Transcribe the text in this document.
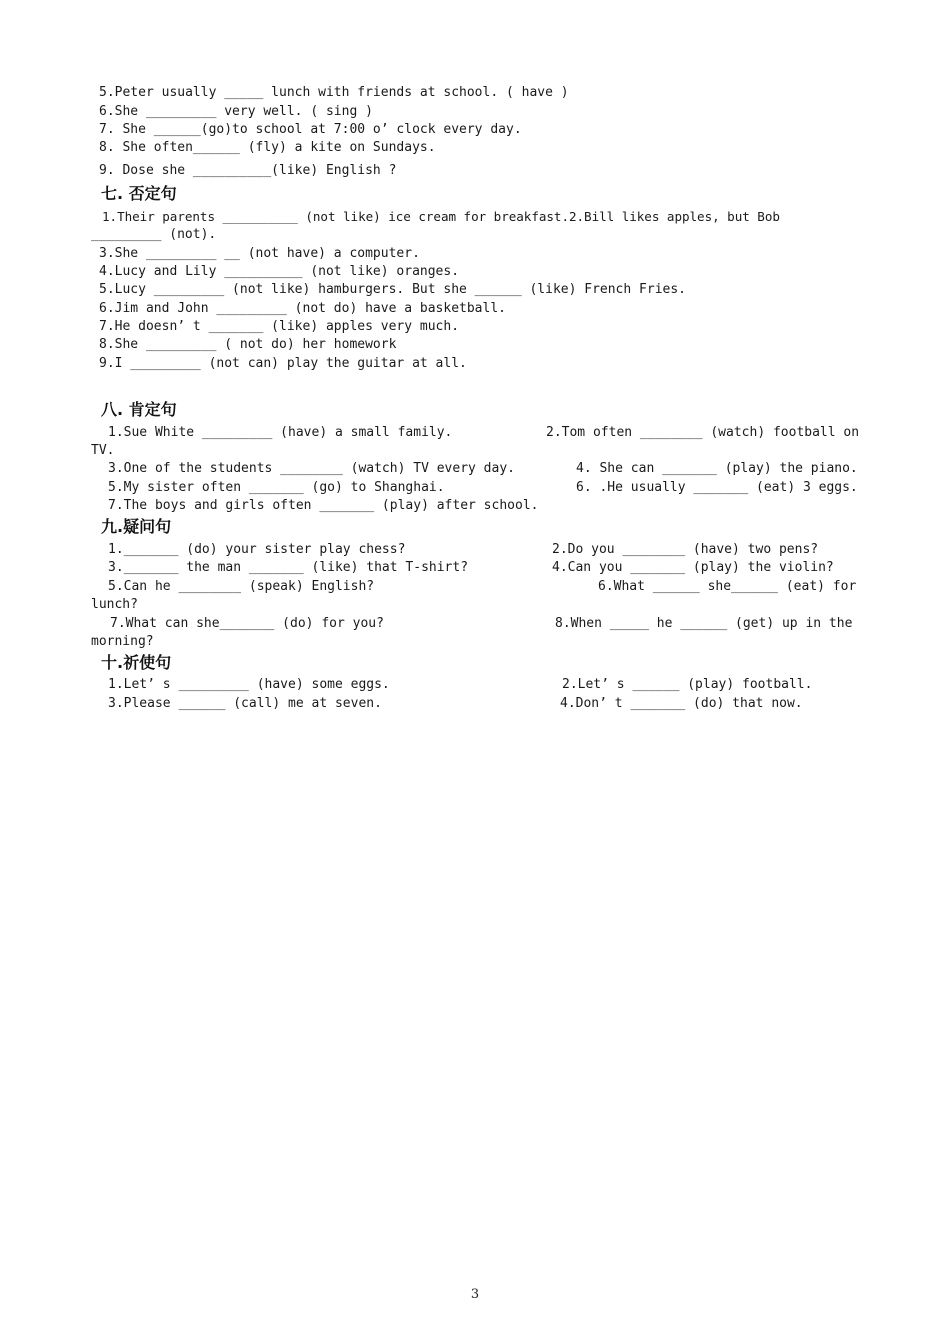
5.Peter usually _____ lunch with friends at school. ( have )
6.She _________ very well. ( sing )
7. She ______(go)to school at 7:00 o’ clock every day.
8. She often______ (fly) a kite on Sundays.
9. Dose she __________(like) English ?
七. 否定句
1.Their parents __________ (not like) ice cream for breakfast.2.Bill likes apples, but Bob
_________ (not).
3.She _________ __ (not have) a computer.
4.Lucy and Lily __________ (not like) oranges.
5.Lucy _________ (not like) hamburgers. But she ______ (like) French Fries.
6.Jim and John _________ (not do) have a basketball.
7.He doesn’ t _______ (like) apples very much.
8.She _________ ( not do) her homework
9.I _________ (not can) play the guitar at all.
八. 肯定句
1.Sue White _________ (have) a small family.	2.Tom often ________ (watch) football on
TV.
3.One of the students ________ (watch) TV every day.	4. She can _______ (play) the piano.
5.My sister often _______ (go) to Shanghai.	6. .He usually _______ (eat) 3 eggs.
7.The boys and girls often _______ (play) after school.
九.疑问句
1._______ (do) your sister play chess?	2.Do you ________ (have) two pens?
3._______ the man _______ (like) that T-shirt?	4.Can you _______ (play) the violin?
5.Can he ________ (speak) English?	6.What ______ she______ (eat) for
lunch?
7.What can she_______ (do) for you?	8.When _____ he ______ (get) up in the
morning?
十.祈使句
1.Let’ s _________ (have) some eggs.	2.Let’ s ______ (play) football.
3.Please ______ (call) me at seven.	4.Don’ t _______ (do) that now.
3
